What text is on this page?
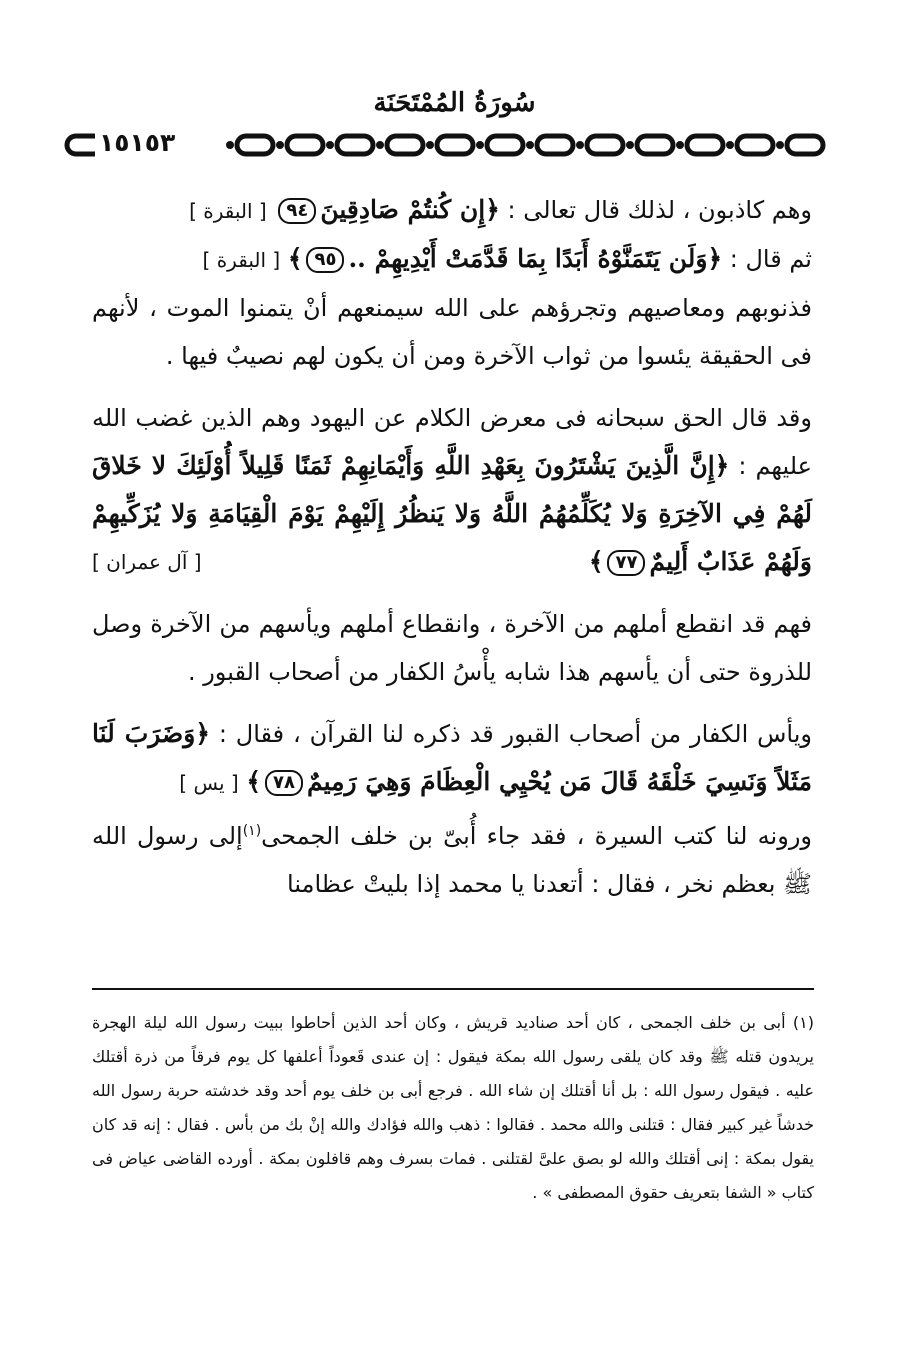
سُورَةُ المُمْتَحَنَة
١٥١٥٣

وهم كاذبون ، لذلك قال تعالى : ﴿إِن كُنتُمْ صَادِقِينَ٩٤ [ البقرة ]

ثم قال : ﴿وَلَن يَتَمَنَّوْهُ أَبَدًا بِمَا قَدَّمَتْ أَيْدِيهِمْ ..٩٥﴾ [ البقرة ]

فذنوبهم ومعاصيهم وتجرؤهم على الله سيمنعهم أنْ يتمنوا الموت ، لأنهم فى الحقيقة يئسوا من ثواب الآخرة ومن أن يكون لهم نصيبٌ فيها .

وقد قال الحق سبحانه فى معرض الكلام عن اليهود وهم الذين غضب الله عليهم : ﴿إِنَّ الَّذِينَ يَشْتَرُونَ بِعَهْدِ اللَّهِ وَأَيْمَانِهِمْ ثَمَنًا قَلِيلاً أُوْلَئِكَ لا خَلاقَ لَهُمْ فِي الآخِرَةِ وَلا يُكَلِّمُهُمُ اللَّهُ وَلا يَنظُرُ إِلَيْهِمْ يَوْمَ الْقِيَامَةِ وَلا يُزَكِّيهِمْ وَلَهُمْ عَذَابٌ أَلِيمٌ٧٧﴾
[ آل عمران ]

فهم قد انقطع أملهم من الآخرة ، وانقطاع أملهم ويأسهم من الآخرة وصل للذروة حتى أن يأسهم هذا شابه يأْسُ الكفار من أصحاب القبور .

ويأس الكفار من أصحاب القبور قد ذكره لنا القرآن ، فقال : ﴿وَضَرَبَ لَنَا مَثَلاً وَنَسِيَ خَلْقَهُ قَالَ مَن يُحْيِي الْعِظَامَ وَهِيَ رَمِيمٌ٧٨﴾ [ يس ]

ورونه لنا كتب السيرة ، فقد جاء أُبىّ بن خلف الجمحى$^{(١)}$إلى رسول الله ﷺ بعظم نخر ، فقال : أتعدنا يا محمد إذا بليتْ عظامنا

(١) أبى بن خلف الجمحى ، كان أحد صناديد قريش ، وكان أحد الذين أحاطوا ببيت رسول الله ليلة الهجرة يريدون قتله ﷺ وقد كان يلقى رسول الله بمكة فيقول : إن عندى قَعوداً أعلفها كل يوم فرقاً من ذرة أقتلك عليه . فيقول رسول الله : بل أنا أقتلك إن شاء الله . فرجع أبى بن خلف يوم أحد وقد خدشته حربة رسول الله خدشاً غير كبير فقال : قتلنى والله محمد . فقالوا : ذهب والله فؤادك والله إنْ بك من بأس . فقال : إنه قد كان يقول بمكة : إنى أقتلك والله لو بصق علىَّ لقتلنى . فمات بسرف وهم قافلون بمكة . أورده القاضى عياض فى كتاب « الشفا بتعريف حقوق المصطفى » .
